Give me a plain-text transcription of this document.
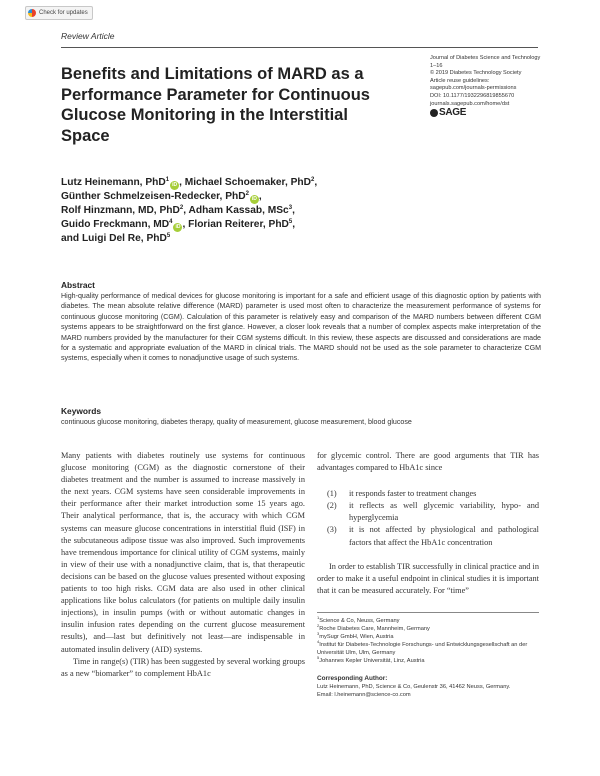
Check for updates
Review Article
Benefits and Limitations of MARD as a Performance Parameter for Continuous Glucose Monitoring in the Interstitial Space
Journal of Diabetes Science and Technology
1–16
© 2019 Diabetes Technology Society
Article reuse guidelines:
sagepub.com/journals-permissions
DOI: 10.1177/1932296819855670
journals.sagepub.com/home/dst
SAGE
Lutz Heinemann, PhD$^1$iD , Michael Schoemaker, PhD$^2$,
Günther Schmelzeisen-Redecker, PhD$^2$iD ,
Rolf Hinzmann, MD, PhD$^2$, Adham Kassab, MSc$^3$,
Guido Freckmann, $MD^4iD$ , Florian Reiterer, PhD$^5$,
and Luigi Del Re, PhD$^5$
Abstract
High-quality performance of medical devices for glucose monitoring is important for a safe and efficient usage of this diagnostic option by patients with diabetes. The mean absolute relative difference (MARD) parameter is used most often to characterize the measurement performance of systems for continuous glucose monitoring (CGM). Calculation of this parameter is relatively easy and comparison of the MARD numbers between different CGM systems appears to be straightforward on the first glance. However, a closer look reveals that a number of complex aspects make interpretation of the MARD numbers provided by the manufacturer for their CGM systems difficult. In this review, these aspects are discussed and considerations are made for a systematic and appropriate evaluation of the MARD in clinical trials. The MARD should not be used as the sole parameter to characterize CGM systems, especially when it comes to nonadjunctive usage of such systems.
Keywords
continuous glucose monitoring, diabetes therapy, quality of measurement, glucose measurement, blood glucose

Many patients with diabetes routinely use systems for continuous glucose monitoring (CGM) as the diagnostic cornerstone of their diabetes treatment and the number is assumed to increase massively in the next years. CGM systems have seen considerable improvements in their performance after their market introduction some 15 years ago. Their analytical performance, that is, the accuracy with which CGM systems can measure glucose concentrations in interstitial fluid (ISF) in the subcutaneous adipose tissue was also improved. Such improvements have tremendous importance for clinical utility of CGM systems, mainly in view of their use with a nonadjunctive claim, that is, that therapeutic decisions can be based on the glucose values presented without exposing patients to too high risks. CGM data are also used in other clinical applications like bolus calculators (for patients on multiple daily insulin injections), in insulin pumps (with or without automatic changes in insulin infusion rates depending on the current glucose measurement results), and—last but definitively not least—are indispensable in automated insulin delivery (AID) systems.

Time in range(s) (TIR) has been suggested by several working groups as a new “biomarker” to complement HbA1c

for glycemic control. There are good arguments that TIR has advantages compared to HbA1c since

(1)	it responds faster to treatment changes
(2)	it reflects as well glycemic variability, hypo- and hyperglycemia
(3)	it is not affected by physiological and pathological factors that affect the HbA1c concentration

In order to establish TIR successfully in clinical practice and in order to make it a useful endpoint in clinical studies it is important that it can be measured accurately. For “time”

$^1$Science & Co, Neuss, Germany
$^2$Roche Diabetes Care, Mannheim, Germany
$^3$mySugr GmbH, Wien, Austria
$^4$Institut für Diabetes-Technologie Forschungs- und Entwicklungsgesellschaft an der Universität Ulm, Ulm, Germany
$^5$Johannes Kepler Universität, Linz, Austria
Corresponding Author:
Lutz Heinemann, PhD, Science & Co, Geulenstr 36, 41462 Neuss, Germany.
Email: l.heinemann@science-co.com
